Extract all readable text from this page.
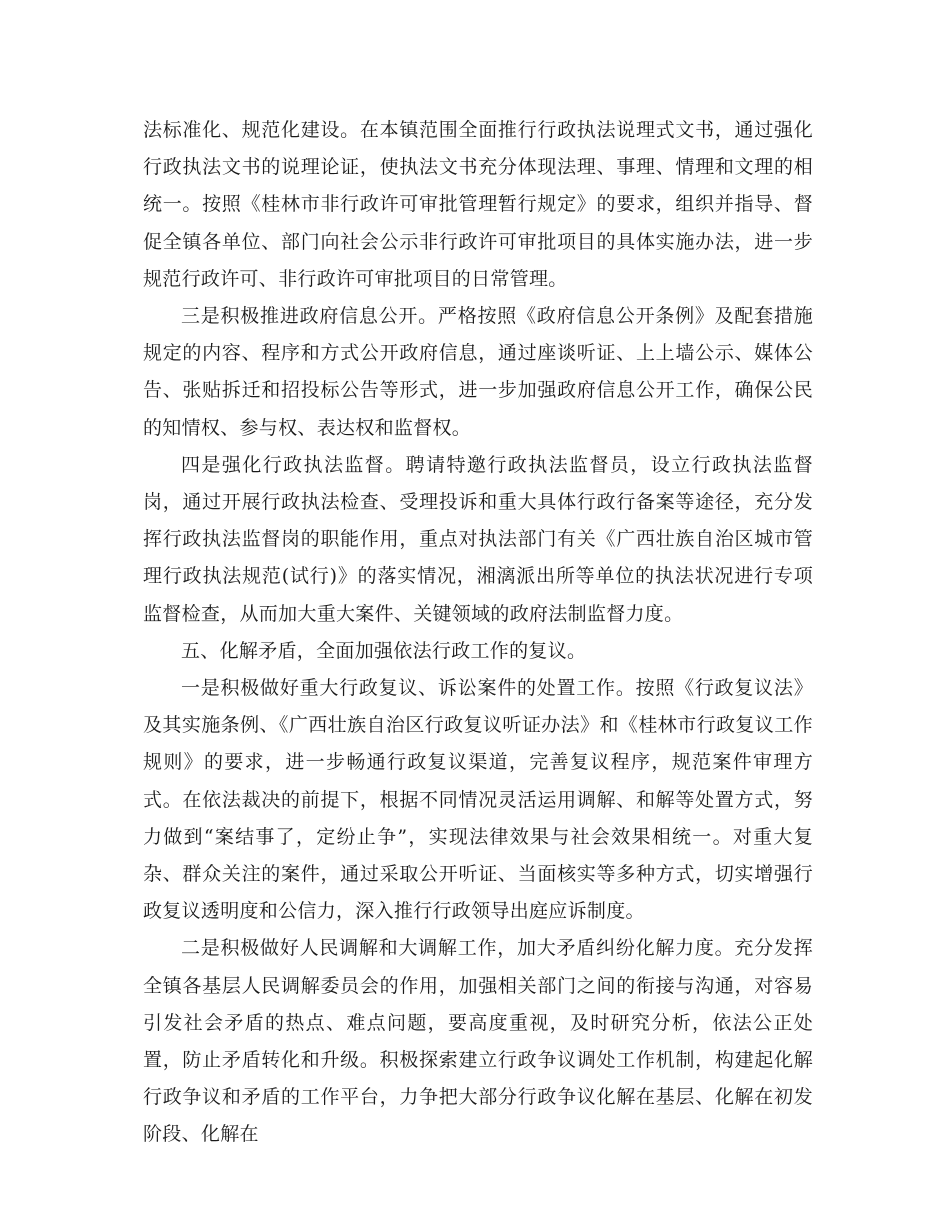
法标准化、规范化建设。在本镇范围全面推行行政执法说理式文书，通过强化行政执法文书的说理论证，使执法文书充分体现法理、事理、情理和文理的相统一。按照《桂林市非行政许可审批管理暂行规定》的要求，组织并指导、督促全镇各单位、部门向社会公示非行政许可审批项目的具体实施办法，进一步规范行政许可、非行政许可审批项目的日常管理。

三是积极推进政府信息公开。严格按照《政府信息公开条例》及配套措施规定的内容、程序和方式公开政府信息，通过座谈听证、上上墙公示、媒体公告、张贴拆迁和招投标公告等形式，进一步加强政府信息公开工作，确保公民的知情权、参与权、表达权和监督权。

四是强化行政执法监督。聘请特邀行政执法监督员，设立行政执法监督岗，通过开展行政执法检查、受理投诉和重大具体行政行备案等途径，充分发挥行政执法监督岗的职能作用，重点对执法部门有关《广西壮族自治区城市管理行政执法规范(试行)》的落实情况，湘漓派出所等单位的执法状况进行专项监督检查，从而加大重大案件、关键领域的政府法制监督力度。

五、化解矛盾，全面加强依法行政工作的复议。

一是积极做好重大行政复议、诉讼案件的处置工作。按照《行政复议法》及其实施条例、《广西壮族自治区行政复议听证办法》和《桂林市行政复议工作规则》的要求，进一步畅通行政复议渠道，完善复议程序，规范案件审理方式。在依法裁决的前提下，根据不同情况灵活运用调解、和解等处置方式，努力做到“案结事了，定纷止争”，实现法律效果与社会效果相统一。对重大复杂、群众关注的案件，通过采取公开听证、当面核实等多种方式，切实增强行政复议透明度和公信力，深入推行行政领导出庭应诉制度。

二是积极做好人民调解和大调解工作，加大矛盾纠纷化解力度。充分发挥全镇各基层人民调解委员会的作用，加强相关部门之间的衔接与沟通，对容易引发社会矛盾的热点、难点问题，要高度重视，及时研究分析，依法公正处置，防止矛盾转化和升级。积极探索建立行政争议调处工作机制，构建起化解行政争议和矛盾的工作平台，力争把大部分行政争议化解在基层、化解在初发阶段、化解在
